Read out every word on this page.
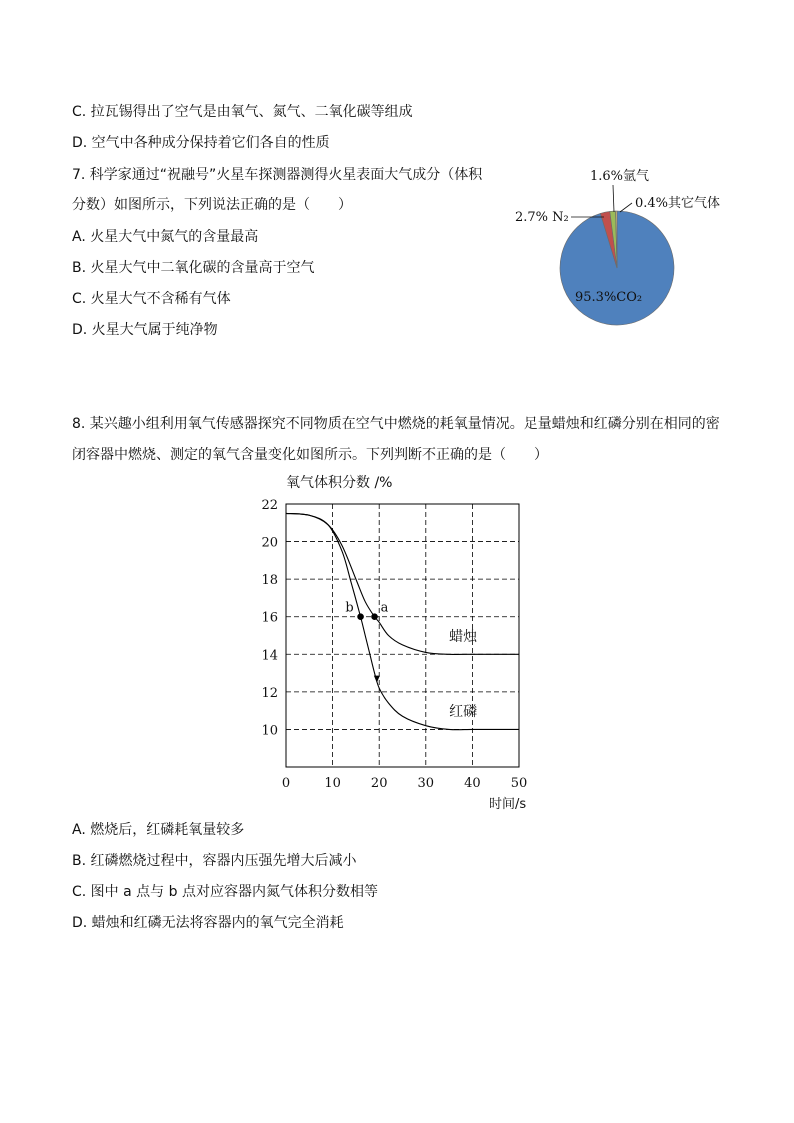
C. 拉瓦锡得出了空气是由氧气、氮气、二氧化碳等组成
D. 空气中各种成分保持着它们各自的性质
7. 科学家通过“祝融号”火星车探测器测得火星表面大气成分（体积
分数）如图所示，下列说法正确的是（　　）
A. 火星大气中氮气的含量最高
B. 火星大气中二氧化碳的含量高于空气
C. 火星大气不含稀有气体
D. 火星大气属于纯净物
95.3%CO₂
2.7% N₂
1.6%氩气
0.4%其它气体
8. 某兴趣小组利用氧气传感器探究不同物质在空气中燃烧的耗氧量情况。足量蜡烛和红磷分别在相同的密
闭容器中燃烧、测定的氧气含量变化如图所示。下列判断不正确的是（　　）
0	10 20 30 40 50
10
12
14
16
18
20
22
氧气体积分数 /%
时间/s
蜡烛
红磷
a
b
A. 燃烧后，红磷耗氧量较多
B. 红磷燃烧过程中，容器内压强先增大后减小
C. 图中 a 点与 b 点对应容器内氮气体积分数相等
D. 蜡烛和红磷无法将容器内的氧气完全消耗
